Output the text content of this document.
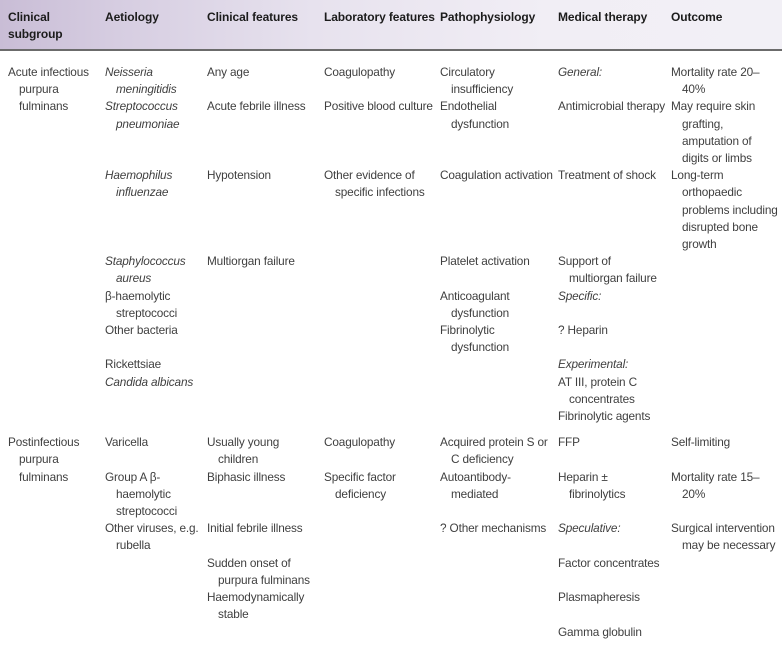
Clinical subgroup	Aetiology	Clinical features	Laboratory features	Pathophysiology	Medical therapy	Outcome

Acute infectious purpura fulminans	Neisseria meningitidis	Any age	Coagulopathy	Circulatory insufficiency	General:	Mortality rate 20–40%

	Streptococcus pneumoniae	Acute febrile illness	Positive blood culture	Endothelial dysfunction	Antimicrobial therapy	May require skin grafting, amputation of digits or limbs

	Haemophilus influenzae	Hypotension	Other evidence of specific infections	Coagulation activation	Treatment of shock	Long-term orthopaedic problems including disrupted bone growth

	Staphylococcus aureus	Multiorgan failure		Platelet activation	Support of multiorgan failure	

	β-haemolytic streptococci			Anticoagulant dysfunction	Specific:	

	Other bacteria			Fibrinolytic dysfunction	? Heparin	

	Rickettsiae				Experimental:	

	Candida albicans				AT III, protein C concentrates	

					Fibrinolytic agents	

Postinfectious purpura fulminans	Varicella	Usually young children	Coagulopathy	Acquired protein S or C deficiency	FFP	Self-limiting

	Group A β-haemolytic streptococci	Biphasic illness	Specific factor deficiency	Autoantibody-mediated	Heparin ± fibrinolytics	Mortality rate 15–20%

	Other viruses, e.g. rubella	Initial febrile illness		? Other mechanisms	Speculative:	Surgical intervention may be necessary

		Sudden onset of purpura fulminans			Factor concentrates	

		Haemodynamically stable			Plasmapheresis	

					Gamma globulin	
